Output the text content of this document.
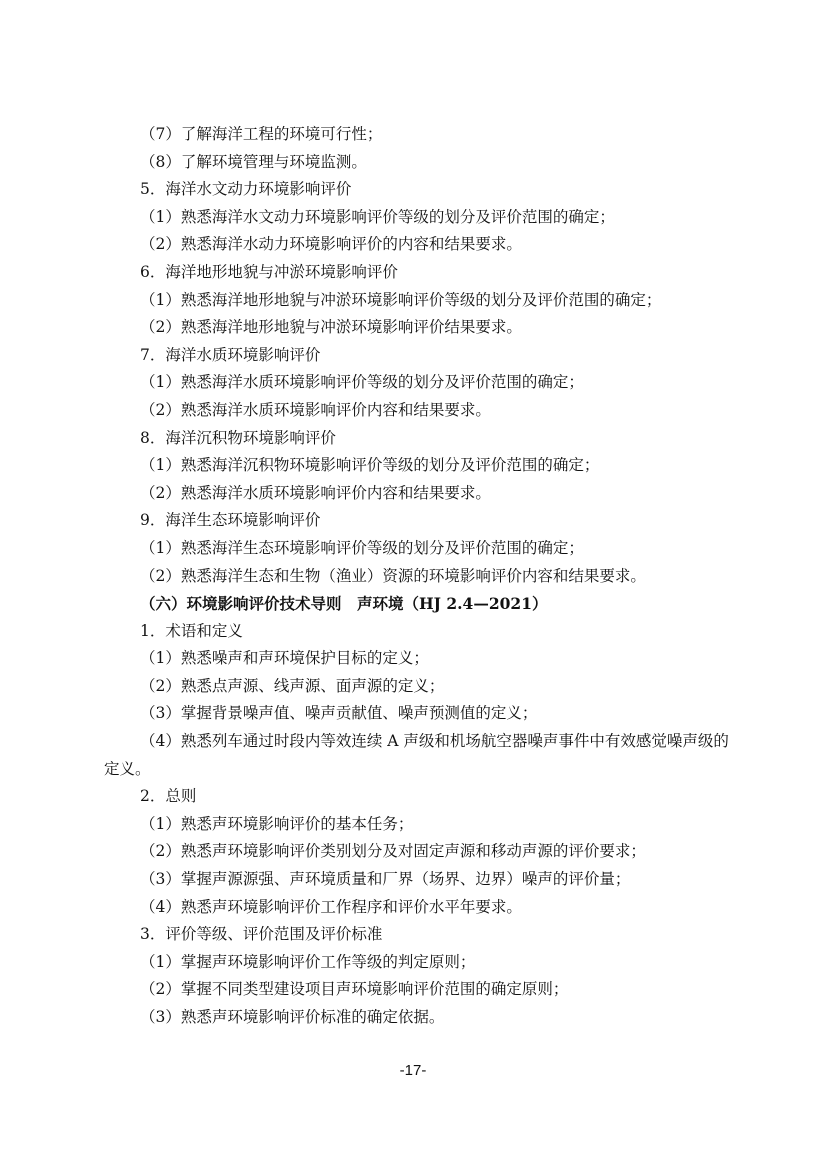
（7）了解海洋工程的环境可行性；
（8）了解环境管理与环境监测。
5．海洋水文动力环境影响评价
（1）熟悉海洋水文动力环境影响评价等级的划分及评价范围的确定；
（2）熟悉海洋水动力环境影响评价的内容和结果要求。
6．海洋地形地貌与冲淤环境影响评价
（1）熟悉海洋地形地貌与冲淤环境影响评价等级的划分及评价范围的确定；
（2）熟悉海洋地形地貌与冲淤环境影响评价结果要求。
7．海洋水质环境影响评价
（1）熟悉海洋水质环境影响评价等级的划分及评价范围的确定；
（2）熟悉海洋水质环境影响评价内容和结果要求。
8．海洋沉积物环境影响评价
（1）熟悉海洋沉积物环境影响评价等级的划分及评价范围的确定；
（2）熟悉海洋水质环境影响评价内容和结果要求。
9．海洋生态环境影响评价
（1）熟悉海洋生态环境影响评价等级的划分及评价范围的确定；
（2）熟悉海洋生态和生物（渔业）资源的环境影响评价内容和结果要求。
（六）环境影响评价技术导则　声环境（HJ 2.4—2021）
1．术语和定义
（1）熟悉噪声和声环境保护目标的定义；
（2）熟悉点声源、线声源、面声源的定义；
（3）掌握背景噪声值、噪声贡献值、噪声预测值的定义；
（4）熟悉列车通过时段内等效连续 A 声级和机场航空器噪声事件中有效感觉噪声级的定义。
2．总则
（1）熟悉声环境影响评价的基本任务；
（2）熟悉声环境影响评价类别划分及对固定声源和移动声源的评价要求；
（3）掌握声源源强、声环境质量和厂界（场界、边界）噪声的评价量；
（4）熟悉声环境影响评价工作程序和评价水平年要求。
3．评价等级、评价范围及评价标准
（1）掌握声环境影响评价工作等级的判定原则；
（2）掌握不同类型建设项目声环境影响评价范围的确定原则；
（3）熟悉声环境影响评价标准的确定依据。
-17-
